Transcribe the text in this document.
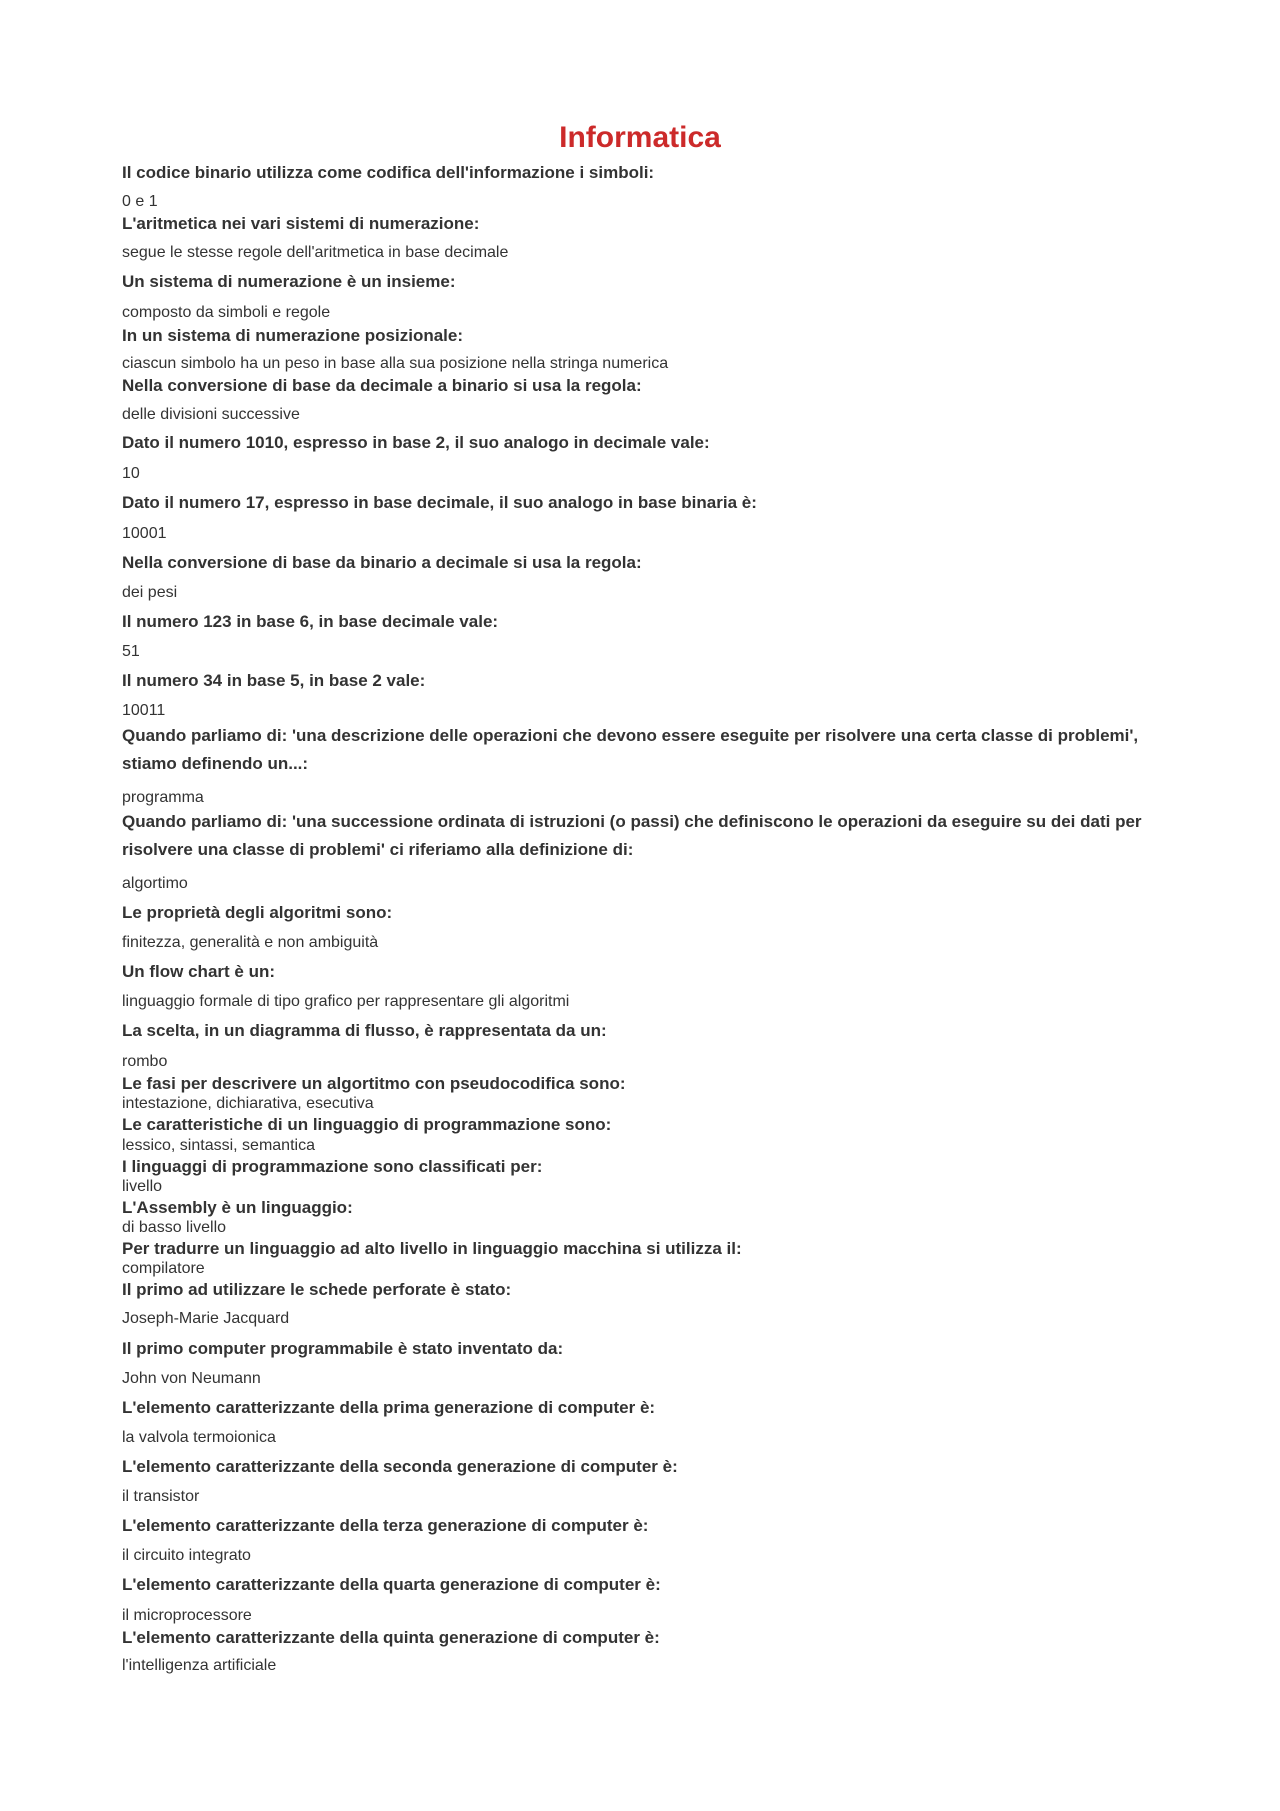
Informatica
Il codice binario utilizza come codifica dell'informazione i simboli:
0 e 1
L'aritmetica nei vari sistemi di numerazione:
segue le stesse regole dell'aritmetica in base decimale
Un sistema di numerazione è un insieme:
composto da simboli e regole
In un sistema di numerazione posizionale:
ciascun simbolo ha un peso in base alla sua posizione nella stringa numerica
Nella conversione di base da decimale a binario si usa la regola:
delle divisioni successive
Dato il numero 1010, espresso in base 2, il suo analogo in decimale vale:
10
Dato il numero 17, espresso in base decimale, il suo analogo in base binaria è:
10001
Nella conversione di base da binario a decimale si usa la regola:
dei pesi
Il numero 123 in base 6, in base decimale vale:
51
Il numero 34 in base 5, in base 2 vale:
10011
Quando parliamo di: 'una descrizione delle operazioni che devono essere eseguite per risolvere una certa classe di problemi', stiamo definendo un...:
programma
Quando parliamo di: 'una successione ordinata di istruzioni (o passi) che definiscono le operazioni da eseguire su dei dati per risolvere una classe di problemi' ci riferiamo alla definizione di:
algortimo
Le proprietà degli algoritmi sono:
finitezza, generalità e non ambiguità
Un flow chart è un:
linguaggio formale di tipo grafico per rappresentare gli algoritmi
La scelta, in un diagramma di flusso, è rappresentata da un:
rombo
Le fasi per descrivere un algortitmo con pseudocodifica sono:
intestazione, dichiarativa, esecutiva
Le caratteristiche di un linguaggio di programmazione sono:
lessico, sintassi, semantica
I linguaggi di programmazione sono classificati per:
livello
L'Assembly è un linguaggio:
di basso livello
Per tradurre un linguaggio ad alto livello in linguaggio macchina si utilizza il:
compilatore
Il primo ad utilizzare le schede perforate è stato:
Joseph-Marie Jacquard
Il primo computer programmabile è stato inventato da:
John von Neumann
L'elemento caratterizzante della prima generazione di computer è:
la valvola termoionica
L'elemento caratterizzante della seconda generazione di computer è:
il transistor
L'elemento caratterizzante della terza generazione di computer è:
il circuito integrato
L'elemento caratterizzante della quarta generazione di computer è:
il microprocessore
L'elemento caratterizzante della quinta generazione di computer è:
l'intelligenza artificiale
